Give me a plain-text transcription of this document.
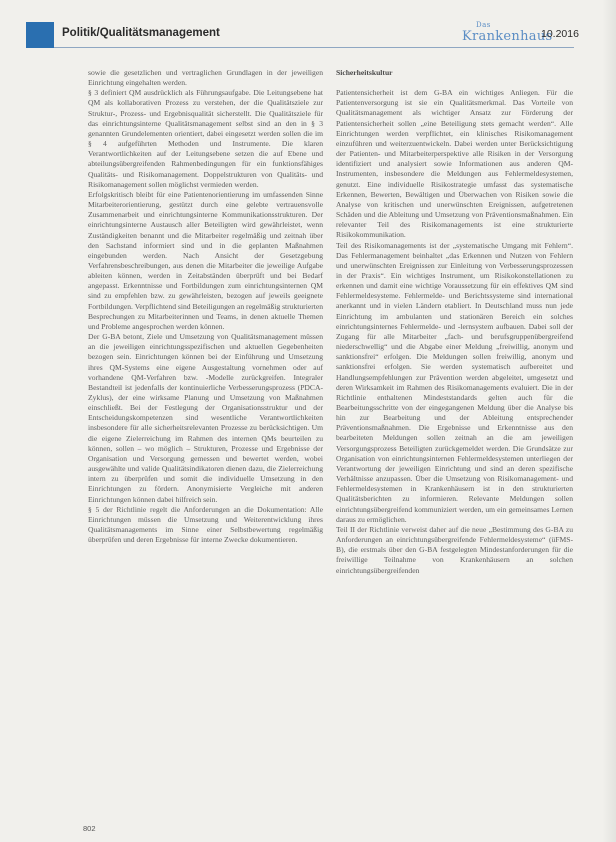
Politik/Qualitätsmanagement
Das
Krankenhaus
10.2016

sowie die gesetzlichen und vertraglichen Grundlagen in der jeweiligen Einrichtung eingehalten werden.

§ 3 definiert QM ausdrücklich als Führungsaufgabe. Die Leitungsebene hat QM als kollaborativen Prozess zu verstehen, der die Qualitätsziele zur Struktur-, Prozess- und Ergebnisqualität sicherstellt. Die Qualitätsziele für das einrichtungsinterne Qualitätsmanagement selbst sind an den in § 3 genannten Grundelementen orientiert, dabei eingesetzt werden sollen die im § 4 aufgeführten Methoden und Instrumente. Die klaren Verantwortlichkeiten auf der Leitungsebene setzen die auf Ebene und abteilungsübergreifenden Rahmenbedingungen für ein funktionsfähiges Qualitäts- und Risikomanagement. Doppelstrukturen von Qualitäts- und Risikomanagement sollen möglichst vermieden werden.

Erfolgskritisch bleibt für eine Patientenorientierung im umfassenden Sinne Mitarbeiterorientierung, gestützt durch eine gelebte vertrauensvolle Zusammenarbeit und einrichtungsinterne Kommunikationsstrukturen. Der einrichtungsinterne Austausch aller Beteiligten wird gewährleistet, wenn Zuständigkeiten benannt und die Mitarbeiter regelmäßig und zeitnah über den Sachstand informiert sind und in die geplanten Maßnahmen eingebunden werden. Nach Ansicht der Gesetzgebung Verfahrensbeschreibungen, aus denen die Mitarbeiter die jeweilige Aufgabe ableiten können, werden in Zeitabständen überprüft und bei Bedarf angepasst. Erkenntnisse und Fortbildungen zum einrichtungsinternen QM sind zu empfehlen bzw. zu gewährleisten, bezogen auf jeweils geeignete Fortbildungen. Verpflichtend sind Beteiligungen an regelmäßig strukturierten Besprechungen zu Mitarbeiterinnen und Teams, in denen aktuelle Themen und Probleme angesprochen werden können.

Der G-BA betont, Ziele und Umsetzung von Qualitätsmanagement müssen an die jeweiligen einrichtungsspezifischen und aktuellen Gegebenheiten bezogen sein. Einrichtungen können bei der Einführung und Umsetzung ihres QM-Systems eine eigene Ausgestaltung vornehmen oder auf vorhandene QM-Verfahren bzw. -Modelle zurückgreifen. Integraler Bestandteil ist jedenfalls der kontinuierliche Verbesserungsprozess (PDCA-Zyklus), der eine wirksame Planung und Umsetzung von Maßnahmen einschließt. Bei der Festlegung der Organisationsstruktur und der Entscheidungskompetenzen sind wesentliche Verantwortlichkeiten insbesondere für alle sicherheitsrelevanten Prozesse zu berücksichtigen. Um die eigene Zielerreichung im Rahmen des internen QMs beurteilen zu können, sollen – wo möglich – Strukturen, Prozesse und Ergebnisse der Organisation und Versorgung gemessen und bewertet werden, wobei ausgewählte und valide Qualitätsindikatoren dienen dazu, die Zielerreichung intern zu überprüfen und somit die individuelle Umsetzung in den Einrichtungen zu fördern. Anonymisierte Vergleiche mit anderen Einrichtungen können dabei hilfreich sein.

§ 5 der Richtlinie regelt die Anforderungen an die Dokumentation: Alle Einrichtungen müssen die Umsetzung und Weiterentwicklung ihres Qualitätsmanagements im Sinne einer Selbstbewertung regelmäßig überprüfen und deren Ergebnisse für interne Zwecke dokumentieren.

Sicherheitskultur

Patientensicherheit ist dem G-BA ein wichtiges Anliegen. Für die Patientenversorgung ist sie ein Qualitätsmerkmal. Das Vorteile von Qualitätsmanagement als wichtiger Ansatz zur Förderung der Patientensicherheit sollen „eine Beteiligung stets gemacht werden“. Alle Einrichtungen werden verpflichtet, ein klinisches Risikomanagement einzuführen und weiterzuentwickeln. Dabei werden unter Berücksichtigung der Patienten- und Mitarbeiterperspektive alle Risiken in der Versorgung identifiziert und analysiert sowie Informationen aus anderen QM-Instrumenten, insbesondere die Meldungen aus Fehlermeldesystemen, genutzt. Eine individuelle Risikostrategie umfasst das systematische Erkennen, Bewerten, Bewältigen und Überwachen von Risiken sowie die Analyse von kritischen und unerwünschten Ereignissen, aufgetretenen Schäden und die Ableitung und Umsetzung von Präventionsmaßnahmen. Ein relevanter Teil des Risikomanagements ist eine strukturierte Risikokommunikation.

Teil des Risikomanagements ist der „systematische Umgang mit Fehlern“. Das Fehlermanagement beinhaltet „das Erkennen und Nutzen von Fehlern und unerwünschten Ereignissen zur Einleitung von Verbesserungsprozessen in der Praxis“. Ein wichtiges Instrument, um Risikokonstellationen zu erkennen und damit eine wichtige Voraussetzung für ein effektives QM sind Fehlermeldesysteme. Fehlermelde- und Berichtssysteme sind international anerkannt und in vielen Ländern etabliert. In Deutschland muss nun jede Einrichtung im ambulanten und stationären Bereich ein solches einrichtungsinternes Fehlermelde- und -lernsystem aufbauen. Dabei soll der Zugang für alle Mitarbeiter „fach- und berufsgruppenübergreifend niederschwellig“ und die Abgabe einer Meldung „freiwillig, anonym und sanktionsfrei“ erfolgen. Die Meldungen sollen freiwillig, anonym und sanktionsfrei erfolgen. Sie werden systematisch aufbereitet und Handlungsempfehlungen zur Prävention werden abgeleitet, umgesetzt und deren Wirksamkeit im Rahmen des Risikomanagements evaluiert. Die in der Richtlinie enthaltenen Mindeststandards gelten auch für die Bearbeitungsschritte von der eingegangenen Meldung über die Analyse bis hin zur Bearbeitung und der Ableitung entsprechender Präventionsmaßnahmen. Die Ergebnisse und Erkenntnisse aus den bearbeiteten Meldungen sollen zeitnah an die am jeweiligen Versorgungsprozess Beteiligten zurückgemeldet werden. Die Grundsätze zur Organisation von einrichtungsinternen Fehlermeldesystemen unterliegen der Verantwortung der jeweiligen Einrichtung und sind an deren spezifische Verhältnisse anzupassen. Über die Umsetzung von Risikomanagement- und Fehlermeldesystemen in Krankenhäusern ist in den strukturierten Qualitätsberichten zu informieren. Relevante Meldungen sollen einrichtungsübergreifend kommuniziert werden, um ein gemeinsames Lernen daraus zu ermöglichen.

Teil II der Richtlinie verweist daher auf die neue „Bestimmung des G-BA zu Anforderungen an einrichtungsübergreifende Fehlermeldesysteme“ (üFMS-B), die erstmals über den G-BA festgelegten Mindestanforderungen für die freiwillige Teilnahme von Krankenhäusern an solchen einrichtungsübergreifenden

802
